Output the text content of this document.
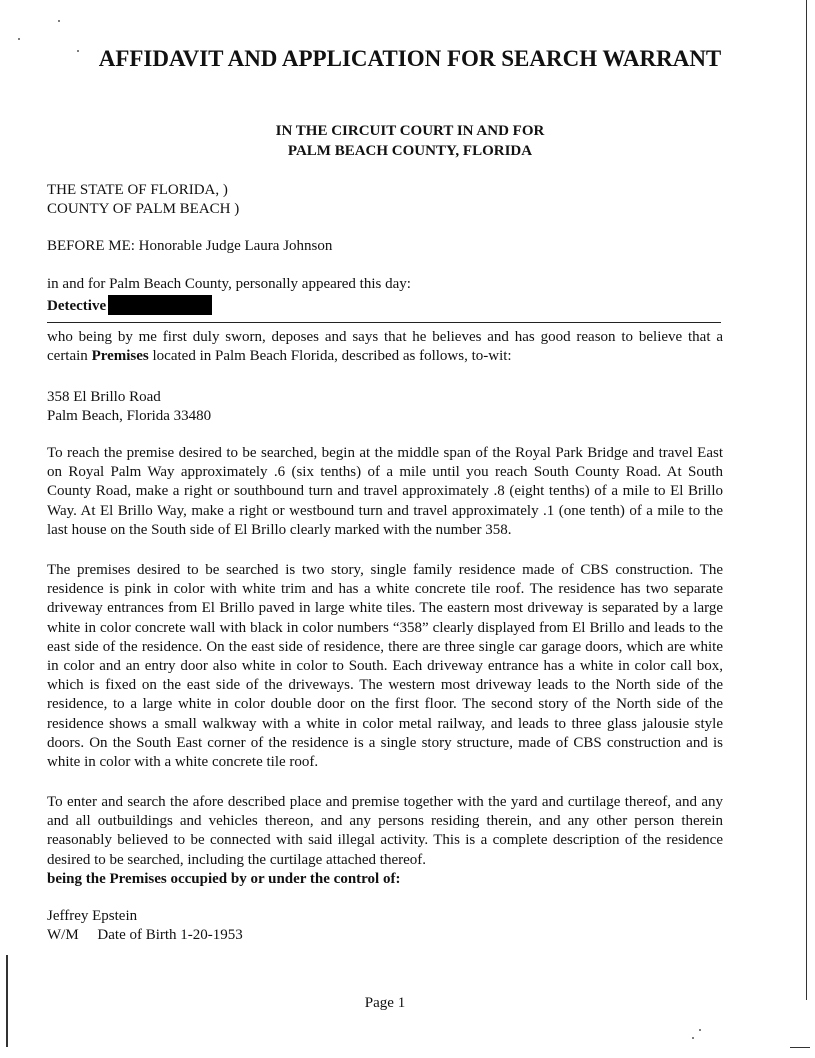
AFFIDAVIT AND APPLICATION FOR SEARCH WARRANT
IN THE CIRCUIT COURT IN AND FOR
PALM BEACH COUNTY, FLORIDA
THE STATE OF FLORIDA, )
COUNTY OF PALM BEACH )
BEFORE ME: Honorable Judge Laura Johnson
in and for Palm Beach County, personally appeared this day:
Detective
who being by me first duly sworn, deposes and says that he believes and has good reason to believe that a certain Premises located in Palm Beach Florida, described as follows, to-wit:
358 El Brillo Road
Palm Beach, Florida 33480
To reach the premise desired to be searched, begin at the middle span of the Royal Park Bridge and travel East on Royal Palm Way approximately .6 (six tenths) of a mile until you reach South County Road. At South County Road, make a right or southbound turn and travel approximately .8 (eight tenths) of a mile to El Brillo Way. At El Brillo Way, make a right or westbound turn and travel approximately .1 (one tenth) of a mile to the last house on the South side of El Brillo clearly marked with the number 358.
The premises desired to be searched is two story, single family residence made of CBS construction. The residence is pink in color with white trim and has a white concrete tile roof. The residence has two separate driveway entrances from El Brillo paved in large white tiles. The eastern most driveway is separated by a large white in color concrete wall with black in color numbers “358” clearly displayed from El Brillo and leads to the east side of the residence. On the east side of residence, there are three single car garage doors, which are white in color and an entry door also white in color to South. Each driveway entrance has a white in color call box, which is fixed on the east side of the driveways. The western most driveway leads to the North side of the residence, to a large white in color double door on the first floor. The second story of the North side of the residence shows a small walkway with a white in color metal railway, and leads to three glass jalousie style doors. On the South East corner of the residence is a single story structure, made of CBS construction and is white in color with a white concrete tile roof.
To enter and search the afore described place and premise together with the yard and curtilage thereof, and any and all outbuildings and vehicles thereon, and any persons residing therein, and any other person therein reasonably believed to be connected with said illegal activity. This is a complete description of the residence desired to be searched, including the curtilage attached thereof.
being the Premises occupied by or under the control of:
Jeffrey Epstein
W/M     Date of Birth 1-20-1953
Page 1
